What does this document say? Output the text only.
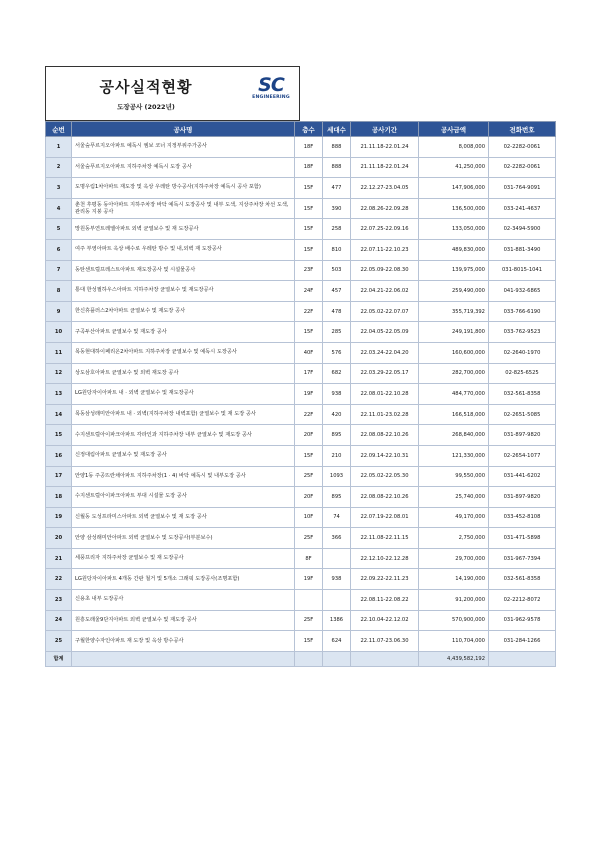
공사실적현황
도장공사 (2022년)
SC
ENGINEERING
순번	공사명	층수	세대수	공사기간	공사금액	전화번호
1	서울숲푸르지오아파트 예독시 엠보 코너 지정부위주가공사	18F	888	21.11.18-22.01.24	8,008,000	02-2282-0061
2	서울숲푸르지오아파트 지하주차장 예독시 도장 공사	18F	888	21.11.18-22.01.24	41,250,000	02-2282-0061
3	도명우림1차아파트 재도장 및 옥상 우레탄 방수공사(지하주차장 예독시 공사 포함)	15F	477	22.12.27-23.04.05	147,906,000	031-764-9091
4	춘천 후평동 동아아파트 지하주차장 바닥 예독시 도장공사 및 내부 도색, 지상주차장 차선 도색, 관리동 지붕 공사	15F	390	22.08.26-22.09.28	136,500,000	033-241-4637
5	망원동부연트레엘아파트 외벽 균열보수 및 재 도장공사	15F	258	22.07.25-22.09.16	133,050,000	02-3494-5900
6	여주 부영아파트 옥상 배수로 우레탄 방수 및 내,외벽 재 도장공사	15F	810	22.07.11-22.10.23	489,830,000	031-881-3490
7	동탄센트럴프레스트아파트 재도장공사 및 시설물공사	23F	503	22.05.09-22.08.30	139,975,000	031-8015-1041
8	통대 한성필하우스아파트 지하주차장 균열보수 및 재도장공사	24F	457	22.04.21-22.06.02	259,490,000	041-932-6865
9	한신휴플러스2차아파트 균열보수 및 재도장 공사	22F	478	22.05.02-22.07.07	355,719,392	033-766-6190
10	구곡두산아파트 균열보수 및 재도장 공사	15F	285	22.04.05-22.05.09	249,191,800	033-762-9523
11	목동현대하이페리온2차아파트 지하주차장 균열보수 및 예독시 도장공사	40F	576	22.03.24-22.04.20	160,600,000	02-2640-1970
12	상도삼호아파트 균열보수 및 외벽 재도장 공사	17F	682	22.03.29-22.05.17	282,700,000	02-825-6525
13	LG원당자이아파트 내 · 외벽 균열보수 및 재도장공사	19F	938	22.08.01-22.10.28	484,770,000	032-561-8358
14	목동삼성래미안아파트 내 · 외벽(지하주차장 내벽포함) 균열보수 및 재 도장 공사	22F	420	22.11.01-23.02.28	166,518,000	02-2651-5085
15	수지센트럴아이파크아파트 각라인과 지하주차장 내부 균열보수 및 재도장 공사	20F	895	22.08.08-22.10.26	268,840,000	031-897-9820
16	신정대림아파트 균열보수 및 재도장 공사	15F	210	22.09.14-22.10.31	121,330,000	02-2654-1077
17	안양1동 주공뜨란채아파트 지하주차장(1 · 4) 바닥 예독시 및 내부도장 공사	25F	1093	22.05.02-22.05.30	99,550,000	031-441-6202
18	수지센트럴아이파크아파트 부대 시설물 도장 공사	20F	895	22.08.08-22.10.26	25,740,000	031-897-9820
19	신월동 도성프라미스아파트 외벽 균열보수 및 재 도장 공사	10F	74	22.07.19-22.08.01	49,170,000	033-452-8108
20	안양 삼성래미안아파트 외벽 균열보수 및 도장공사(부분보수)	25F	366	22.11.08-22.11.15	2,750,000	031-471-5898
21	세풍프리자 지하주차장 균열보수 및 재 도장공사	8F		22.12.10-22.12.28	29,700,000	031-967-7394
22	LG원당자이아파트 4개동 간판 철거 및 5개소 그래픽 도장공사(조명포함)	19F	938	22.09.22-22.11.23	14,190,000	032-561-8358
23	신용초 내부 도장공사			22.08.11-22.08.22	91,200,000	02-2212-8072
24	원흥도래울9단지아파트 외벽 균열보수 및 재도장 공사	25F	1386	22.10.04-22.12.02	570,900,000	031-962-9578
25	구월한양수자인아파트 재 도장 및 옥상 방수공사	15F	624	22.11.07-23.06.30	110,704,000	031-284-1266
합계					4,439,582,192	
